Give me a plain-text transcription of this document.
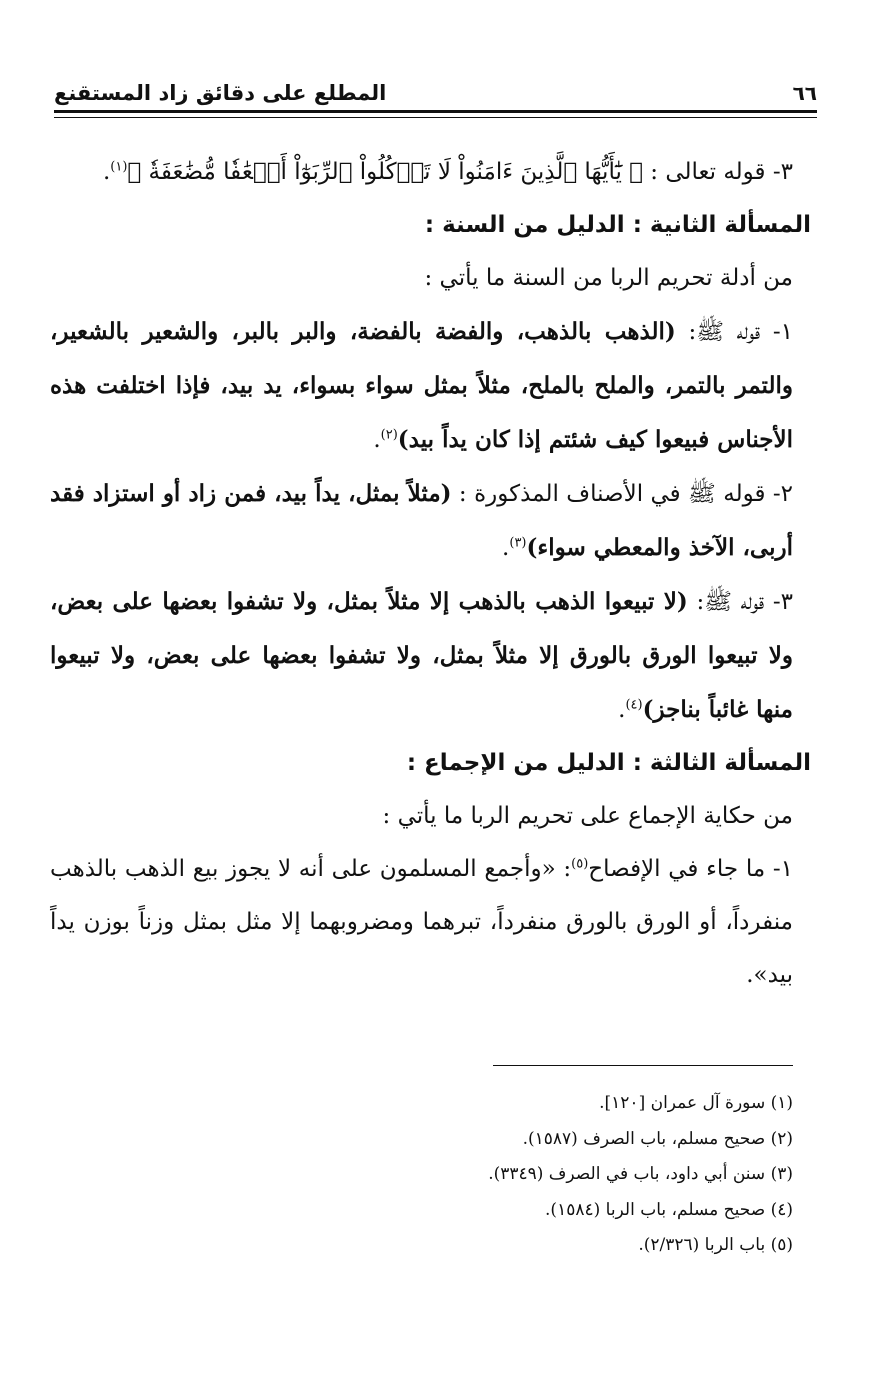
٦٦
المطلع على دقائق زاد المستقنع

٣- قوله تعالى : ﴿ يَٰٓأَيُّهَا ٱلَّذِينَ ءَامَنُواْ لَا تَأۡكُلُواْ ٱلرِّبَوٰٓاْ أَضۡعَٰفٗا مُّضَٰعَفَةٗ ﴾$^{(١)}$.

المسألة الثانية : الدليل من السنة :

من أدلة تحريم الربا من السنة ما يأتي :

١- قوله ﷺ: (الذهب بالذهب، والفضة بالفضة، والبر بالبر، والشعير بالشعير، والتمر بالتمر، والملح بالملح، مثلاً بمثل سواء بسواء، يد بيد، فإذا اختلفت هذه الأجناس فبيعوا كيف شئتم إذا كان يداً بيد)$^{(٢)}$.

٢- قوله ﷺ في الأصناف المذكورة : (مثلاً بمثل، يداً بيد، فمن زاد أو استزاد فقد أربى، الآخذ والمعطي سواء)$^{(٣)}$.

٣- قوله ﷺ: (لا تبيعوا الذهب بالذهب إلا مثلاً بمثل، ولا تشفوا بعضها على بعض، ولا تبيعوا الورق بالورق إلا مثلاً بمثل، ولا تشفوا بعضها على بعض، ولا تبيعوا منها غائباً بناجز)$^{(٤)}$.

المسألة الثالثة : الدليل من الإجماع :

من حكاية الإجماع على تحريم الربا ما يأتي :

١- ما جاء في الإفصاح$^{(٥)}$: «وأجمع المسلمون على أنه لا يجوز بيع الذهب بالذهب منفرداً، أو الورق بالورق منفرداً، تبرهما ومضروبهما إلا مثل بمثل وزناً بوزن يداً بيد».

(١) سورة آل عمران [١٢٠].

(٢) صحيح مسلم، باب الصرف (١٥٨٧).

(٣) سنن أبي داود، باب في الصرف (٣٣٤٩).

(٤) صحيح مسلم، باب الربا (١٥٨٤).

(٥) باب الربا (٢/٣٢٦).
